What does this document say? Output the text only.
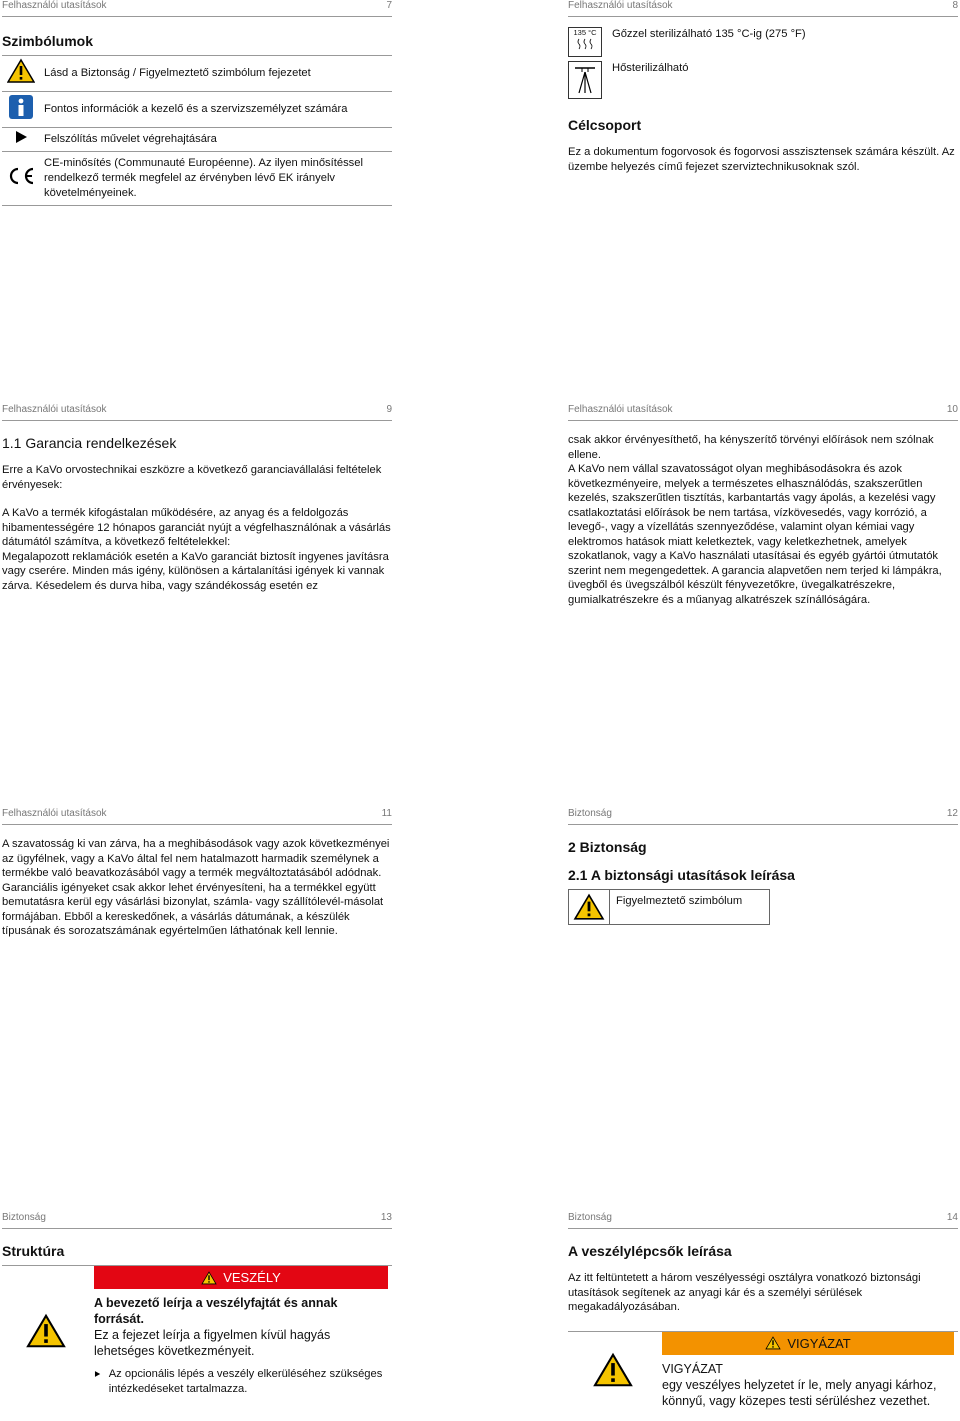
Felhasználói utasítások	7
Szimbólumok
	Lásd a Biztonság / Figyelmeztető szimbólum fejezetet
	Fontos információk a kezelő és a szervizszemélyzet számára
	Felszólítás művelet végrehajtására
	CE-minősítés (Communauté Européenne). Az ilyen minősítéssel rendelkező termék megfelel az érvényben lévő EK irányelv követelményeinek.
Felhasználói utasítások	8
135 °C	Gőzzel sterilizálható 135 °C-ig (275 °F)
Hősterilizálható
Célcsoport

Ez a dokumentum fogorvosok és fogorvosi asszisztensek számára készült. Az üzembe helyezés című fejezet szerviztechnikusoknak szól.

Felhasználói utasítások	9
1.1 Garancia rendelkezések

Erre a KaVo orvostechnikai eszközre a következő garanciavállalási feltételek érvényesek:

A KaVo a termék kifogástalan működésére, az anyag és a feldolgozás hibamentességére 12 hónapos garanciát nyújt a végfelhasználónak a vásárlás dátumától számítva, a következő feltételekkel:

Megalapozott reklamációk esetén a KaVo garanciát biztosít ingyenes javításra vagy cserére. Minden más igény, különösen a kártalanítási igények ki vannak zárva. Késedelem és durva hiba, vagy szándékosság esetén ez

Felhasználói utasítások	10

csak akkor érvényesíthető, ha kényszerítő törvényi előírások nem szólnak ellene.

A KaVo nem vállal szavatosságot olyan meghibásodásokra és azok következményeire, melyek a természetes elhasználódás, szakszerűtlen kezelés, szakszerűtlen tisztítás, karbantartás vagy ápolás, a kezelési vagy csatlakoztatási előírások be nem tartása, vízkövesedés, vagy korrózió, a levegő-, vagy a vízellátás szennyeződése, valamint olyan kémiai vagy elektromos hatások miatt keletkeztek, vagy keletkezhetnek, amelyek szokatlanok, vagy a KaVo használati utasításai és egyéb gyártói útmutatók szerint nem megengedettek. A garancia alapvetően nem terjed ki lámpákra, üvegből és üvegszálból készült fényvezetőkre, üvegalkatrészekre, gumialkatrészekre és a műanyag alkatrészek színállóságára.

Felhasználói utasítások	11

A szavatosság ki van zárva, ha a meghibásodások vagy azok következményei az ügyfélnek, vagy a KaVo által fel nem hatalmazott harmadik személynek a termékbe való beavatkozásából vagy a termék megváltoztatásából adódnak.

Garanciális igényeket csak akkor lehet érvényesíteni, ha a termékkel együtt bemutatásra kerül egy vásárlási bizonylat, számla- vagy szállítólevél-másolat formájában. Ebből a kereskedőnek, a vásárlás dátumának, a készülék típusának és sorozatszámának egyértelműen láthatónak kell lennie.

Biztonság	12
2 Biztonság
2.1 A biztonsági utasítások leírása
Figyelmeztető szimbólum
Biztonság	13
Struktúra
VESZÉLY
A bevezető leírja a veszélyfajtát és annak forrását.
Ez a fejezet leírja a figyelmen kívül hagyás lehetséges következményeit.
Az opcionális lépés a veszély elkerüléséhez szükséges intézkedéseket tartalmazza.
Biztonság	14
A veszélylépcsők leírása

Az itt feltüntetett a három veszélyességi osztályra vonatkozó biztonsági utasítások segítenek az anyagi kár és a személyi sérülések megakadályozásában.

VIGYÁZAT
VIGYÁZAT
egy veszélyes helyzetet ír le, mely anyagi kárhoz, könnyű, vagy közepes testi sérüléshez vezethet.
